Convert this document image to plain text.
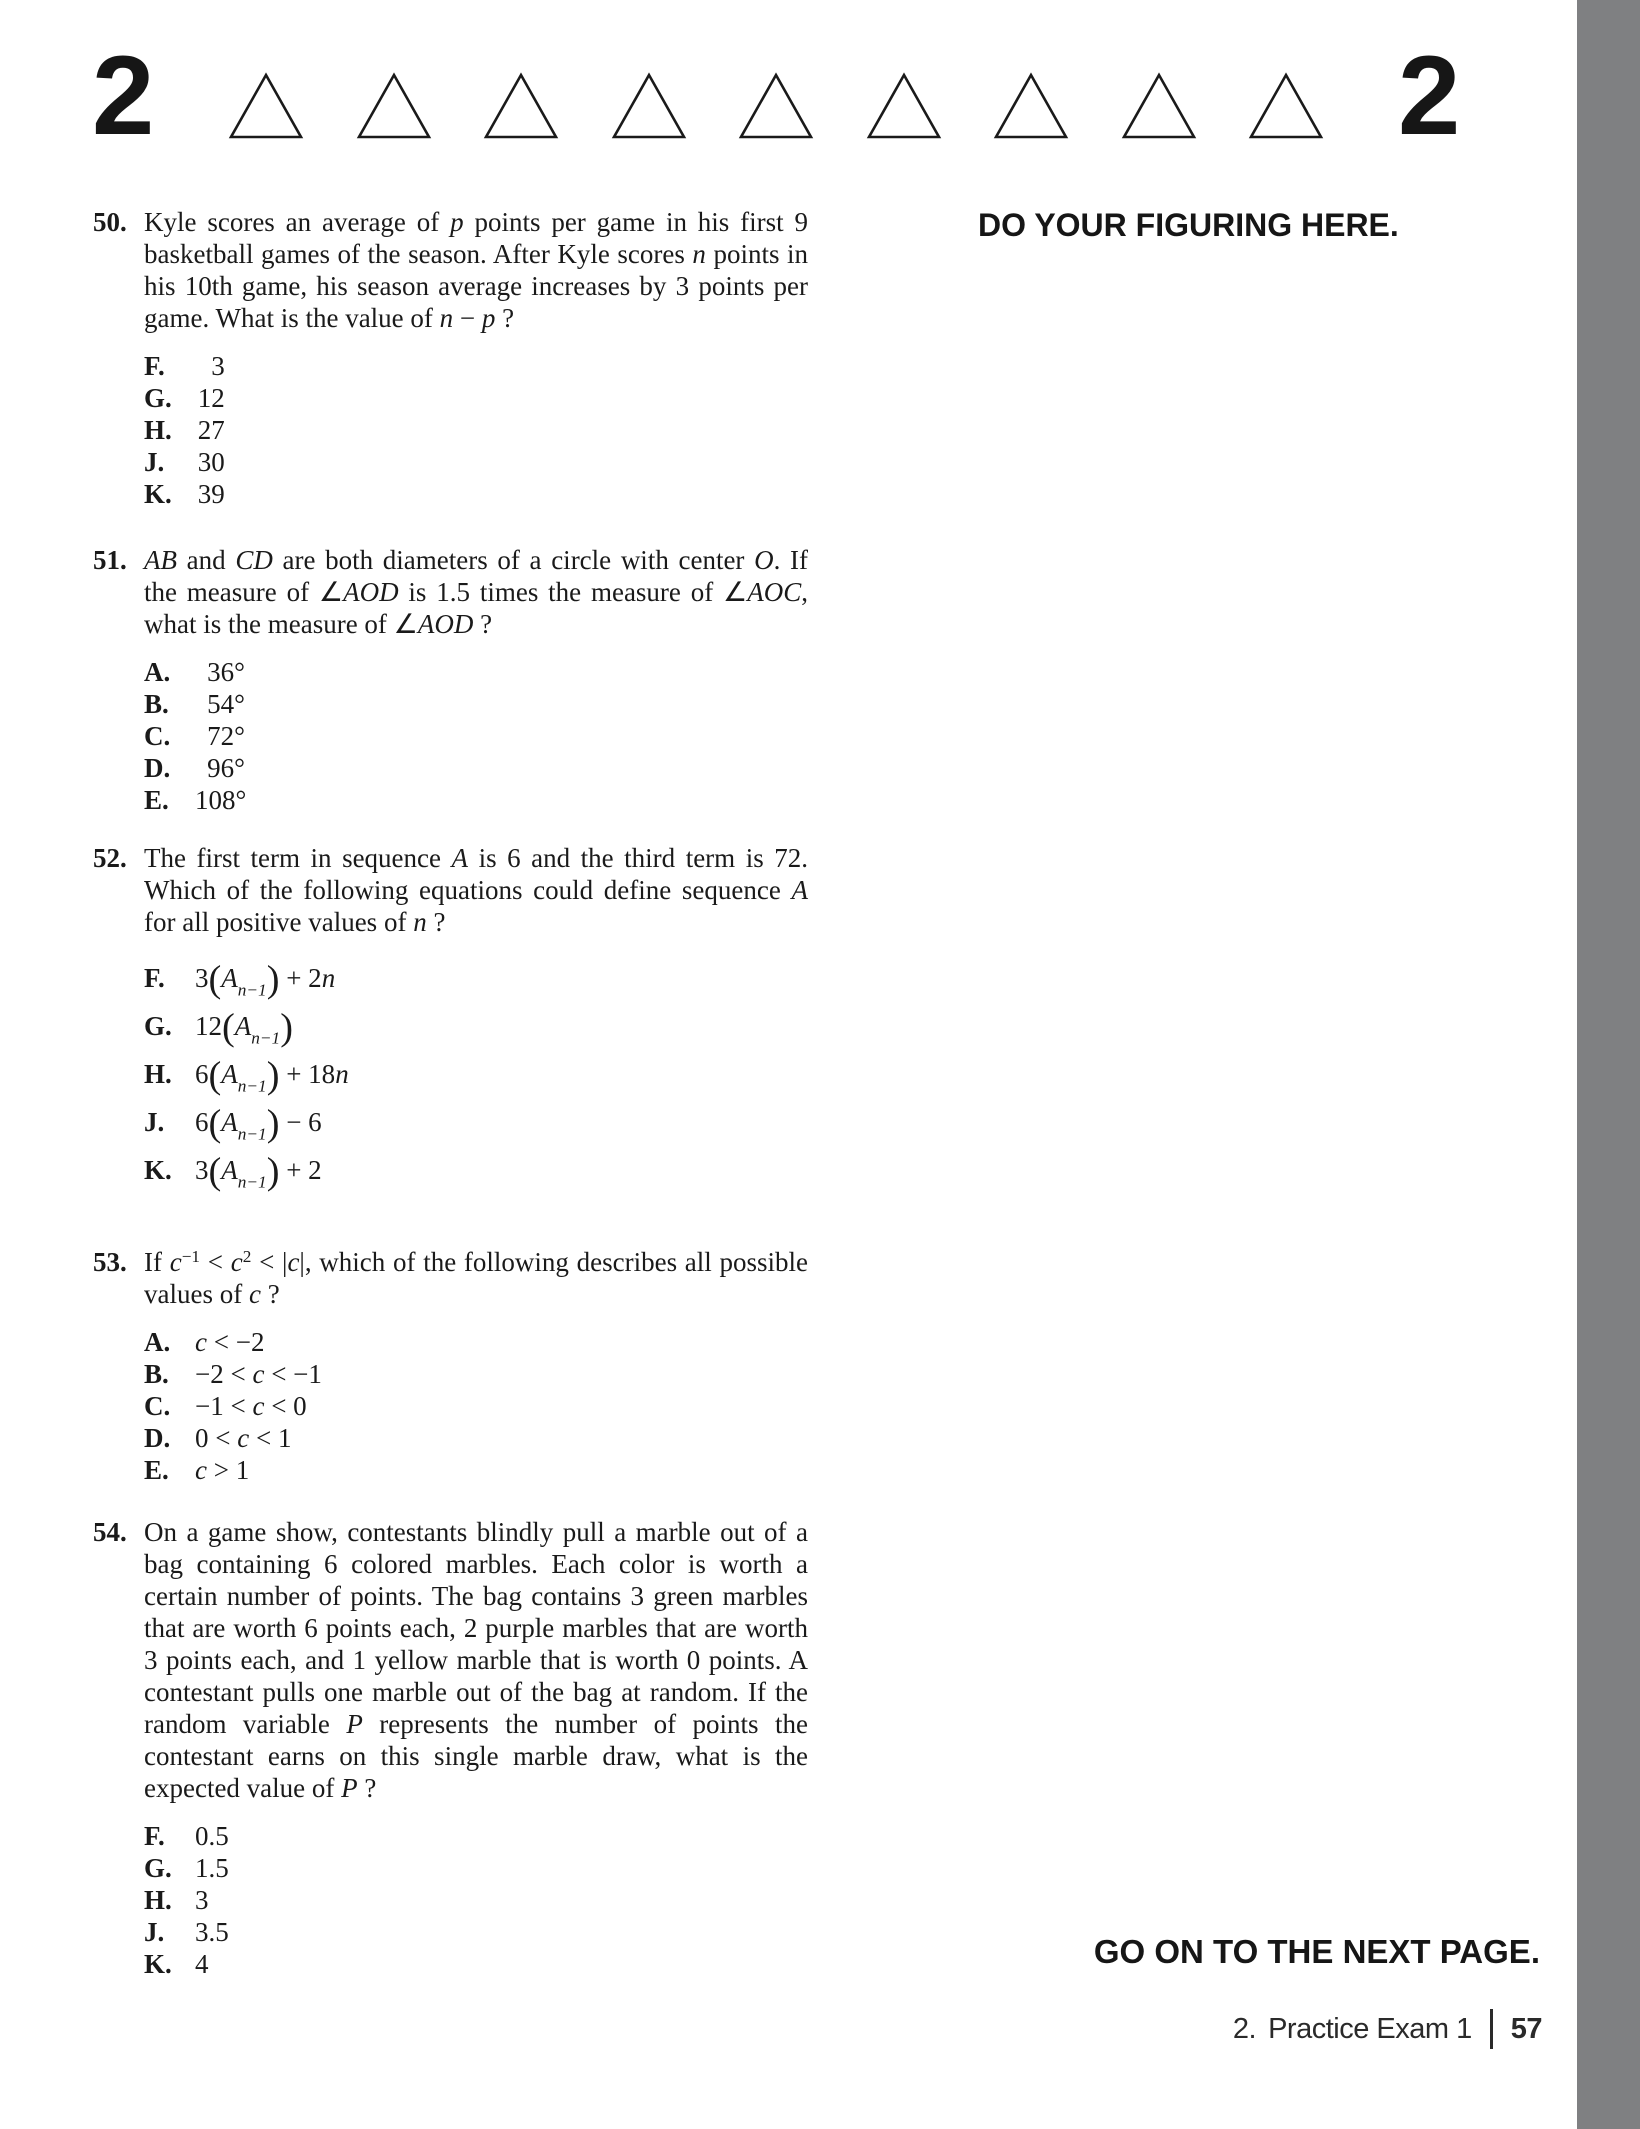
2	2
DO YOUR FIGURING HERE.
50. Kyle scores an average of p points per game in his first 9 basketball games of the season. After Kyle scores n points in his 10th game, his season average increases by 3 points per game. What is the value of n − p ?
F.	3
G. 12
H. 27
J.	30
K. 39
51. AB and CD are both diameters of a circle with center O. If the measure of ∠AOD is 1.5 times the measure of ∠AOC, what is the measure of ∠AOD ?
A.	36°
B.	54°
C.	72°
D.	96°
E. 108°
52. The first term in sequence A is 6 and the third term is 72. Which of the following equations could define sequence A for all positive values of n ?
F.	$3(A_{n-1}) + 2n$
G. $12(A_{n-1})$
H. $6(A_{n-1}) + 18n$
J.	$6(A_{n-1}) - 6$
K. $3(A_{n-1}) + 2$
53. If $c^{-1} < c^2 < |c|$, which of the following describes all possible values of c ?
A. c < −2
B. −2 < c < −1
C. −1 < c < 0
D. 0 < c < 1
E. c > 1
54. On a game show, contestants blindly pull a marble out of a bag containing 6 colored marbles. Each color is worth a certain number of points. The bag contains 3 green marbles that are worth 6 points each, 2 purple marbles that are worth 3 points each, and 1 yellow marble that is worth 0 points. A contestant pulls one marble out of the bag at random. If the random variable P represents the number of points the contestant earns on this single marble draw, what is the expected value of P ?
F.	0.5
G. 1.5
H. 3
J.	3.5
K. 4	GO ON TO THE NEXT PAGE.
2. Practice Exam 1 57
